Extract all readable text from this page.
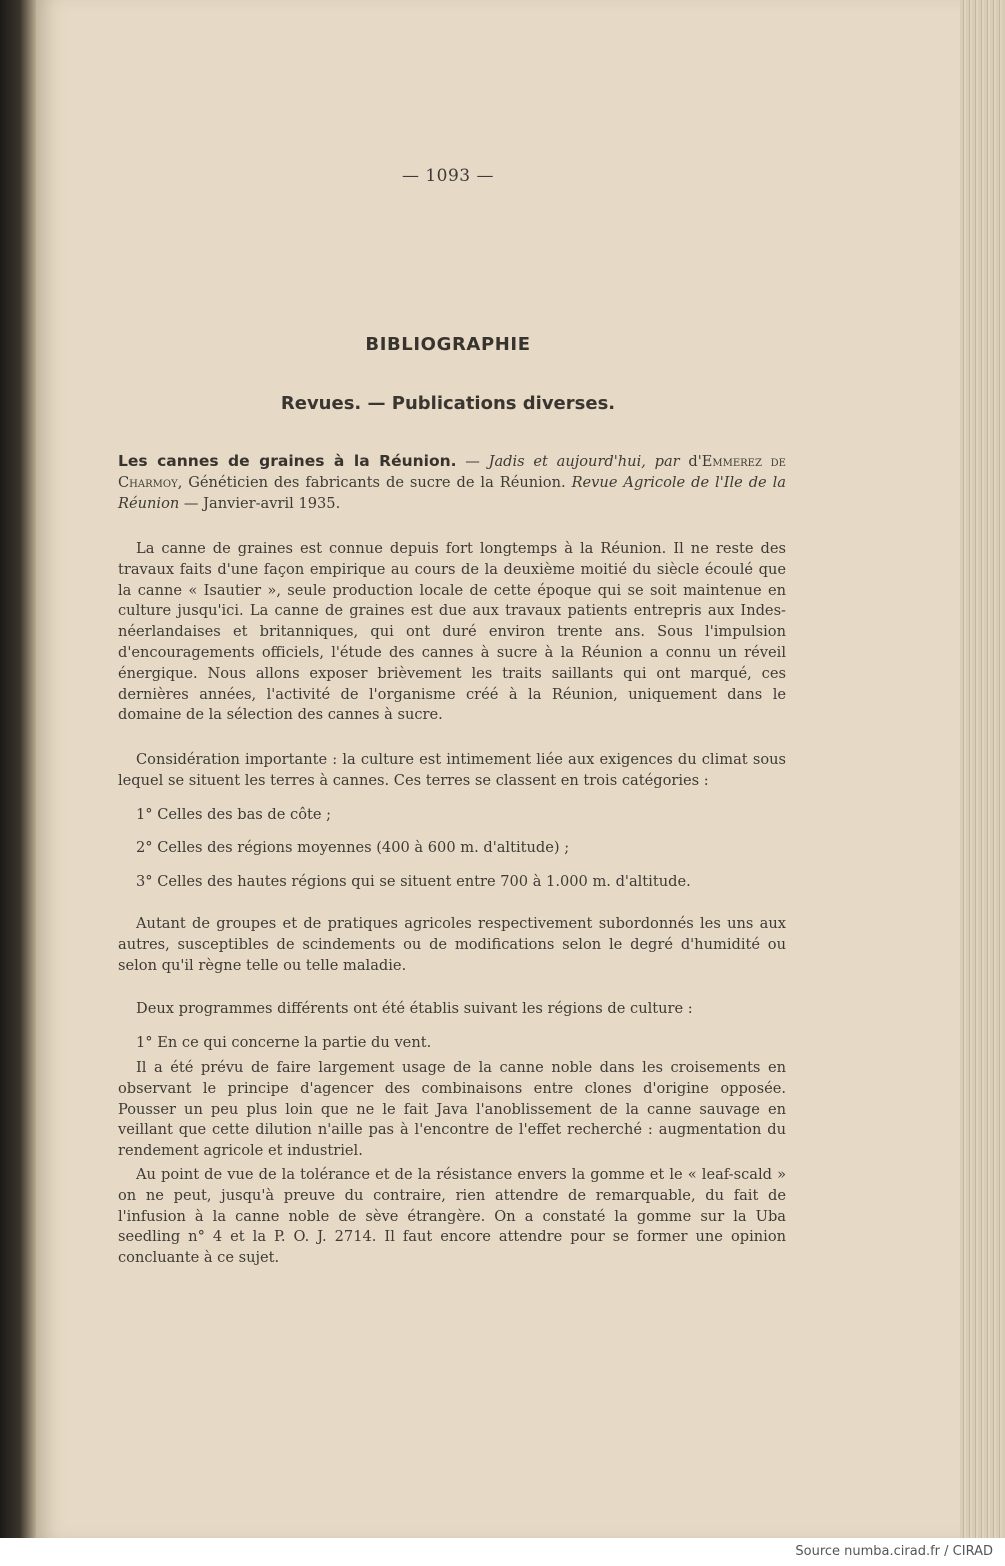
— 1093 —
BIBLIOGRAPHIE
Revues. — Publications diverses.
Les cannes de graines à la Réunion. — Jadis et aujourd'hui, par d'Emmerez de Charmoy, Généticien des fabricants de sucre de la Réunion. Revue Agricole de l'Ile de la Réunion — Janvier-avril 1935.

La canne de graines est connue depuis fort longtemps à la Réunion. Il ne reste des travaux faits d'une façon empirique au cours de la deuxième moitié du siècle écoulé que la canne « Isautier », seule production locale de cette époque qui se soit maintenue en culture jusqu'ici. La canne de graines est due aux travaux patients entrepris aux Indes-néerlandaises et britanniques, qui ont duré environ trente ans. Sous l'impulsion d'encouragements officiels, l'étude des cannes à sucre à la Réunion a connu un réveil énergique. Nous allons exposer brièvement les traits saillants qui ont marqué, ces dernières années, l'activité de l'organisme créé à la Réunion, uniquement dans le domaine de la sélection des cannes à sucre.

Considération importante : la culture est intimement liée aux exigences du climat sous lequel se situent les terres à cannes. Ces terres se classent en trois catégories :

1° Celles des bas de côte ;

2° Celles des régions moyennes (400 à 600 m. d'altitude) ;

3° Celles des hautes régions qui se situent entre 700 à 1.000 m. d'altitude.

Autant de groupes et de pratiques agricoles respectivement subordonnés les uns aux autres, susceptibles de scindements ou de modifications selon le degré d'humidité ou selon qu'il règne telle ou telle maladie.

Deux programmes différents ont été établis suivant les régions de culture :

1° En ce qui concerne la partie du vent.

Il a été prévu de faire largement usage de la canne noble dans les croisements en observant le principe d'agencer des combinaisons entre clones d'origine opposée. Pousser un peu plus loin que ne le fait Java l'anoblissement de la canne sauvage en veillant que cette dilution n'aille pas à l'encontre de l'effet recherché : augmentation du rendement agricole et industriel.

Au point de vue de la tolérance et de la résistance envers la gomme et le « leaf-scald » on ne peut, jusqu'à preuve du contraire, rien attendre de remarquable, du fait de l'infusion à la canne noble de sève étrangère. On a constaté la gomme sur la Uba seedling n° 4 et la P. O. J. 2714. Il faut encore attendre pour se former une opinion concluante à ce sujet.

Source numba.cirad.fr / CIRAD
